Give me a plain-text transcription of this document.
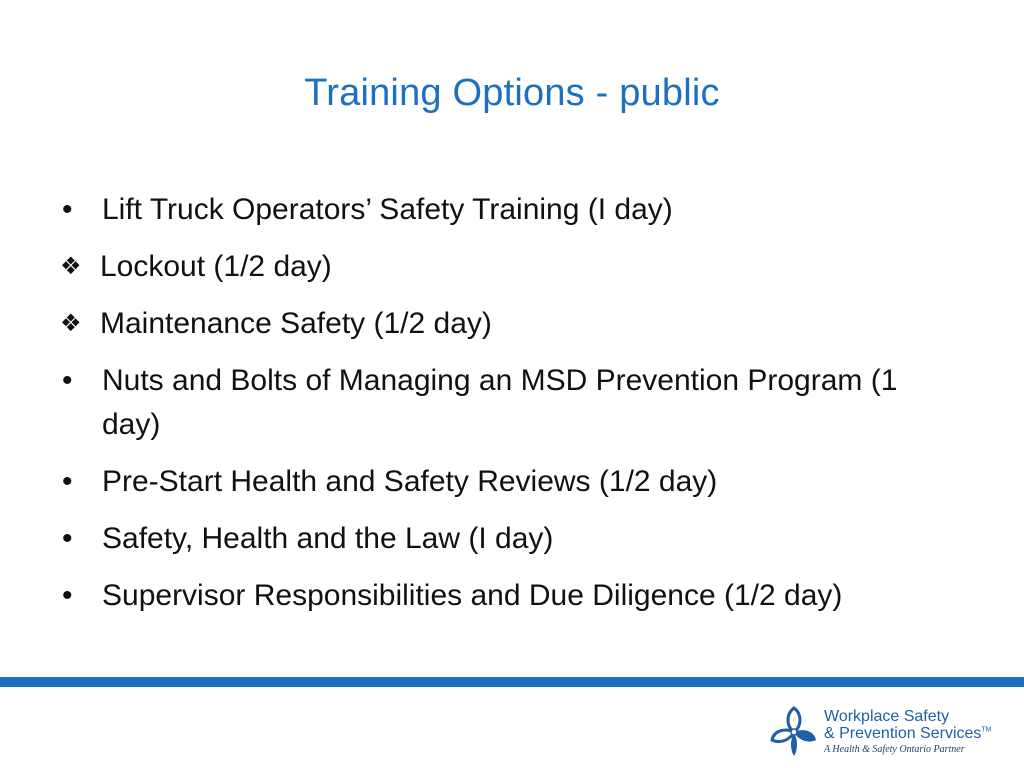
Training Options - public
• Lift Truck Operators’ Safety Training (I day)
❖ Lockout (1/2 day)
❖ Maintenance Safety (1/2 day)
• Nuts and Bolts of Managing an MSD Prevention Program (1 day)
• Pre-Start Health and Safety Reviews (1/2 day)
• Safety, Health and the Law (I day)
• Supervisor Responsibilities and Due Diligence (1/2 day)
Workplace Safety
& Prevention Services™
A Health & Safety Ontario Partner
